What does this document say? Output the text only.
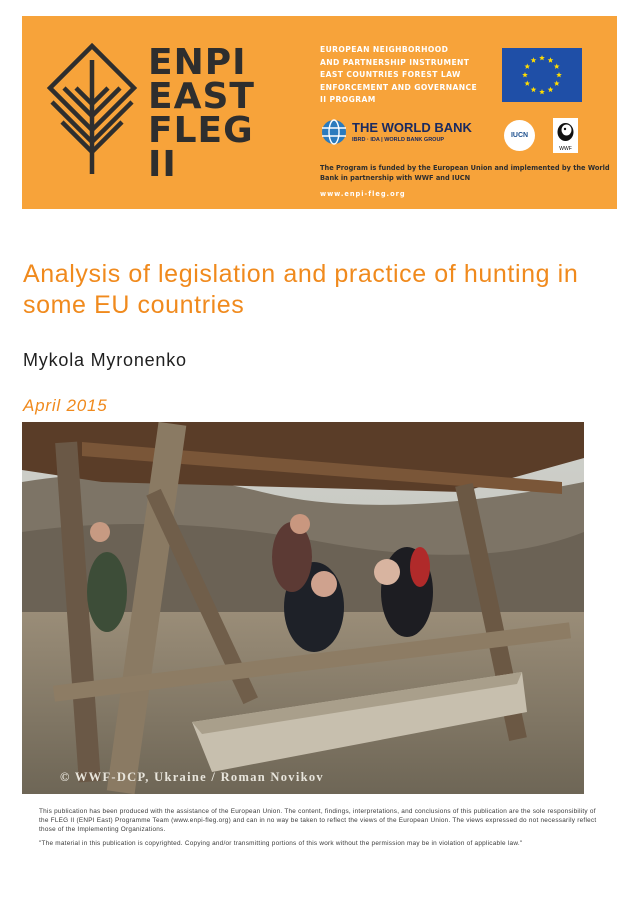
ENPI
EAST
FLEG
II
EUROPEAN NEIGHBORHOOD
AND PARTNERSHIP INSTRUMENT
EAST COUNTRIES FOREST LAW
ENFORCEMENT AND GOVERNANCE
II PROGRAM
THE WORLD BANK
IBRD · IDA | WORLD BANK GROUP
IUCN
WWF
The Program is funded by the European Union and implemented by the World Bank in partnership with WWF and IUCN
www.enpi-fleg.org
Analysis of legislation and practice of hunting in some EU countries
Mykola Myronenko
April 2015
© WWF-DCP, Ukraine / Roman Novikov

This publication has been produced with the assistance of the European Union. The content, findings, interpretations, and conclusions of this publication are the sole responsibility of the FLEG II (ENPI East) Programme Team (www.enpi-fleg.org) and can in no way be taken to reflect the views of the European Union. The views expressed do not necessarily reflect those of the Implementing Organizations.

"The material in this publication is copyrighted. Copying and/or transmitting portions of this work without the permission may be in violation of applicable law."
